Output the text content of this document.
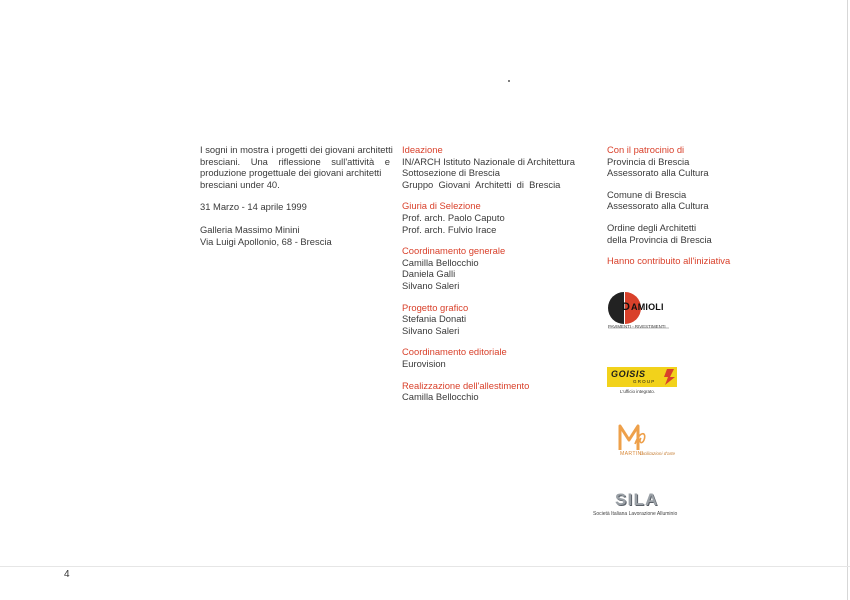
I sogni in mostra i progetti dei giovani architetti
bresciani. Una riflessione sull'attività e
produzione progettuale dei giovani architetti
bresciani under 40.
31 Marzo - 14 aprile 1999
Galleria Massimo Minini
Via Luigi Apollonio, 68 - Brescia
Ideazione
IN/ARCH Istituto Nazionale di Architettura
Sottosezione di Brescia
Gruppo Giovani Architetti di Brescia
Giuria di Selezione
Prof. arch. Paolo Caputo
Prof. arch. Fulvio Irace
Coordinamento generale
Camilla Bellocchio
Daniela Galli
Silvano Saleri
Progetto grafico
Stefania Donati
Silvano Saleri
Coordinamento editoriale
Eurovision
Realizzazione dell'allestimento
Camilla Bellocchio
Con il patrocinio di
Provincia di Brescia
Assessorato alla Cultura
Comune di Brescia
Assessorato alla Cultura
Ordine degli Architetti
della Provincia di Brescia
Hanno contribuito all'iniziativa
D AMIOLI
PAVIMENTI - RIVESTIMENTI
GOISIS
GROUP
L'ufficio integrato.
MARTINI
facilitazioni d'arte
SILA
Società Italiana Lavorazione Alluminio
4
